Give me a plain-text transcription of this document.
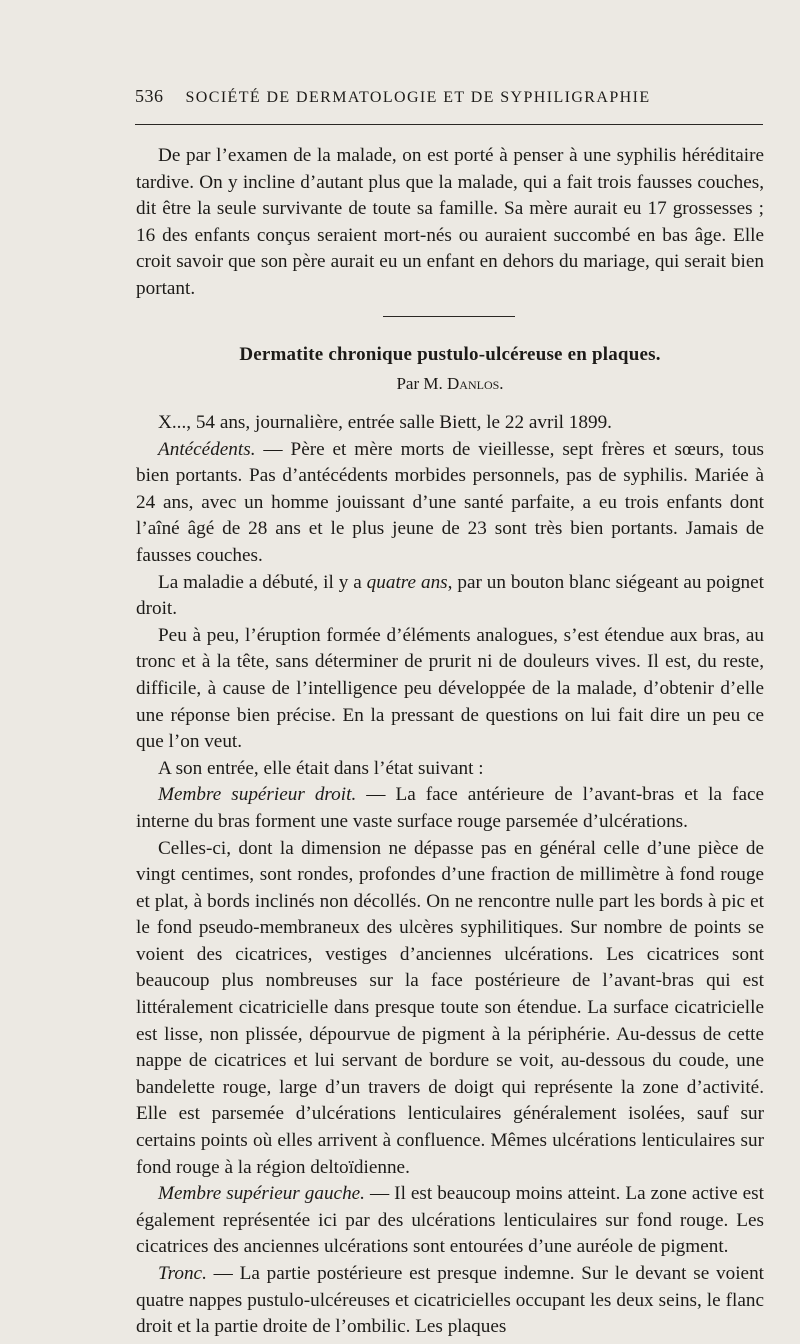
536 SOCIÉTÉ DE DERMATOLOGIE ET DE SYPHILIGRAPHIE

De par l’examen de la malade, on est porté à penser à une syphilis héréditaire tardive. On y incline d’autant plus que la malade, qui a fait trois fausses couches, dit être la seule survivante de toute sa famille. Sa mère aurait eu 17 grossesses ; 16 des enfants conçus seraient mort-nés ou auraient succombé en bas âge. Elle croit savoir que son père aurait eu un enfant en dehors du mariage, qui serait bien portant.

Dermatite chronique pustulo-ulcéreuse en plaques.
Par M. Danlos.

X..., 54 ans, journalière, entrée salle Biett, le 22 avril 1899.

Antécédents. — Père et mère morts de vieillesse, sept frères et sœurs, tous bien portants. Pas d’antécédents morbides personnels, pas de syphilis. Mariée à 24 ans, avec un homme jouissant d’une santé parfaite, a eu trois enfants dont l’aîné âgé de 28 ans et le plus jeune de 23 sont très bien portants. Jamais de fausses couches.

La maladie a débuté, il y a quatre ans, par un bouton blanc siégeant au poignet droit.

Peu à peu, l’éruption formée d’éléments analogues, s’est étendue aux bras, au tronc et à la tête, sans déterminer de prurit ni de douleurs vives. Il est, du reste, difficile, à cause de l’intelligence peu développée de la malade, d’obtenir d’elle une réponse bien précise. En la pressant de questions on lui fait dire un peu ce que l’on veut.

A son entrée, elle était dans l’état suivant :

Membre supérieur droit. — La face antérieure de l’avant-bras et la face interne du bras forment une vaste surface rouge parsemée d’ulcérations.

Celles-ci, dont la dimension ne dépasse pas en général celle d’une pièce de vingt centimes, sont rondes, profondes d’une fraction de millimètre à fond rouge et plat, à bords inclinés non décollés. On ne rencontre nulle part les bords à pic et le fond pseudo-membraneux des ulcères syphilitiques. Sur nombre de points se voient des cicatrices, vestiges d’anciennes ulcérations. Les cicatrices sont beaucoup plus nombreuses sur la face postérieure de l’avant-bras qui est littéralement cicatricielle dans presque toute son étendue. La surface cicatricielle est lisse, non plissée, dépourvue de pigment à la périphérie. Au-dessus de cette nappe de cicatrices et lui servant de bordure se voit, au-dessous du coude, une bandelette rouge, large d’un travers de doigt qui représente la zone d’activité. Elle est parsemée d’ulcérations lenticulaires généralement isolées, sauf sur certains points où elles arrivent à confluence. Mêmes ulcérations lenticulaires sur fond rouge à la région deltoïdienne.

Membre supérieur gauche. — Il est beaucoup moins atteint. La zone active est également représentée ici par des ulcérations lenticulaires sur fond rouge. Les cicatrices des anciennes ulcérations sont entourées d’une auréole de pigment.

Tronc. — La partie postérieure est presque indemne. Sur le devant se voient quatre nappes pustulo-ulcéreuses et cicatricielles occupant les deux seins, le flanc droit et la partie droite de l’ombilic. Les plaques
